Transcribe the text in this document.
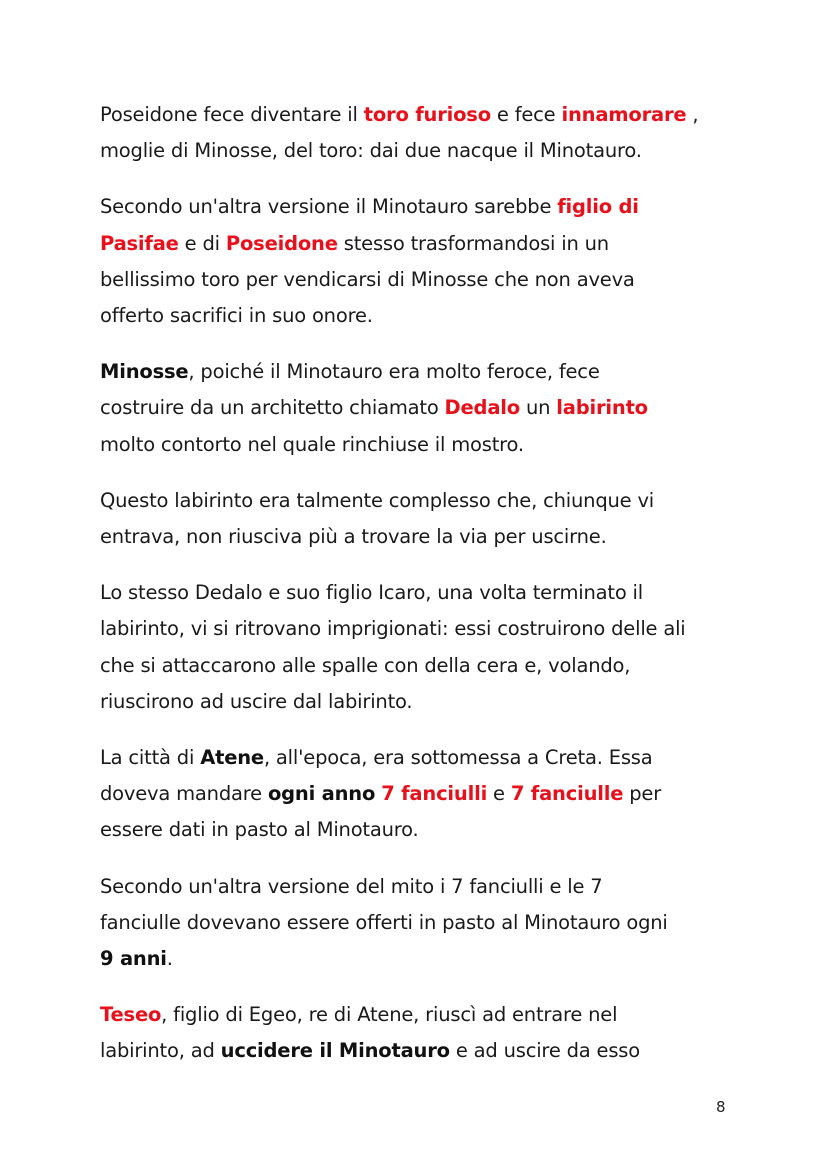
Poseidone fece diventare il toro furioso e fece innamorare ,
moglie di Minosse, del toro: dai due nacque il Minotauro.

Secondo un'altra versione il Minotauro sarebbe figlio di
Pasifae e di Poseidone stesso trasformandosi in un
bellissimo toro per vendicarsi di Minosse che non aveva
offerto sacrifici in suo onore.

Minosse, poiché il Minotauro era molto feroce, fece
costruire da un architetto chiamato Dedalo un labirinto
molto contorto nel quale rinchiuse il mostro.

Questo labirinto era talmente complesso che, chiunque vi
entrava, non riusciva più a trovare la via per uscirne.

Lo stesso Dedalo e suo figlio Icaro, una volta terminato il
labirinto, vi si ritrovano imprigionati: essi costruirono delle ali
che si attaccarono alle spalle con della cera e, volando,
riuscirono ad uscire dal labirinto.

La città di Atene, all'epoca, era sottomessa a Creta. Essa
doveva mandare ogni anno 7 fanciulli e 7 fanciulle per
essere dati in pasto al Minotauro.

Secondo un'altra versione del mito i 7 fanciulli e le 7
fanciulle dovevano essere offerti in pasto al Minotauro ogni
9 anni.

Teseo, figlio di Egeo, re di Atene, riuscì ad entrare nel
labirinto, ad uccidere il Minotauro e ad uscire da esso

8
